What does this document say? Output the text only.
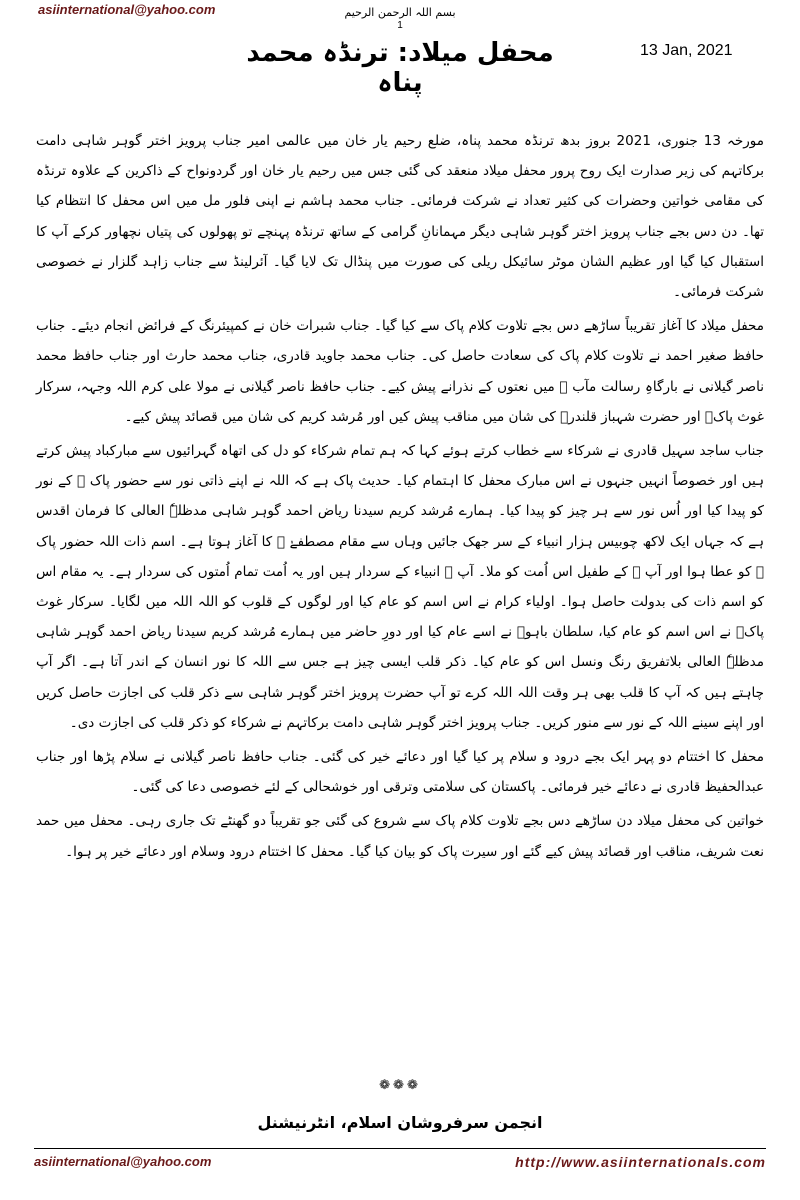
asiinternational@yahoo.com	بسم اللہ الرحمن الرحیم
1
13 Jan, 2021
محفل میلاد: ترنڈہ محمد پناہ

مورخہ 13 جنوری، 2021 بروز بدھ ترنڈہ محمد پناہ، ضلع رحیم یار خان میں عالمی امیر جناب پرویز اختر گوہر شاہی دامت برکاتہم کی زیر صدارت ایک روح پرور محفل میلاد منعقد کی گئی جس میں رحیم یار خان اور گردونواح کے ذاکرین کے علاوہ ترنڈہ کی مقامی خواتین وحضرات کی کثیر تعداد نے شرکت فرمائی۔ جناب محمد ہاشم نے اپنی فلور مل میں اس محفل کا انتظام کیا تھا۔ دن دس بجے جناب پرویز اختر گوہر شاہی دیگر مہمانانِ گرامی کے ساتھ ترنڈہ پہنچے تو پھولوں کی پتیاں نچھاور کرکے آپ کا استقبال کیا گیا اور عظیم الشان موٹر سائیکل ریلی کی صورت میں پنڈال تک لایا گیا۔ آئرلینڈ سے جناب زاہد گلزار نے خصوصی شرکت فرمائی۔

محفل میلاد کا آغاز تقریباً ساڑھے دس بجے تلاوت کلام پاک سے کیا گیا۔ جناب شبرات خان نے کمپیئرنگ کے فرائض انجام دیئے۔ جناب حافظ صغیر احمد نے تلاوت کلام پاک کی سعادت حاصل کی۔ جناب محمد جاوید قادری، جناب محمد حارث اور جناب حافظ محمد ناصر گیلانی نے بارگاہِ رسالت مآب ﷺ میں نعتوں کے نذرانے پیش کیے۔ جناب حافظ ناصر گیلانی نے مولا علی کرم اللہ وجہہ، سرکار غوث پاکؓ اور حضرت شہباز قلندرؒ کی شان میں مناقب پیش کیں اور مُرشد کریم کی شان میں قصائد پیش کیے۔

جناب ساجد سہیل قادری نے شرکاء سے خطاب کرتے ہوئے کہا کہ ہم تمام شرکاء کو دل کی اتھاہ گہرائیوں سے مبارکباد پیش کرتے ہیں اور خصوصاً انہیں جنہوں نے اس مبارک محفل کا اہتمام کیا۔ حدیث پاک ہے کہ اللہ نے اپنے ذاتی نور سے حضور پاک ﷺ کے نور کو پیدا کیا اور اُس نور سے ہر چیز کو پیدا کیا۔ ہمارے مُرشد کریم سیدنا ریاض احمد گوہر شاہی مدظلہٗ العالی کا فرمان اقدس ہے کہ جہاں ایک لاکھ چوبیس ہزار انبیاء کے سر جھک جائیں وہاں سے مقام مصطفےٰ ﷺ کا آغاز ہوتا ہے۔ اسم ذات اللہ حضور پاک ﷺ کو عطا ہوا اور آپ ﷺ کے طفیل اس اُمت کو ملا۔ آپ ﷺ انبیاء کے سردار ہیں اور یہ اُمت تمام اُمتوں کی سردار ہے۔ یہ مقام اس کو اسم ذات کی بدولت حاصل ہوا۔ اولیاء کرام نے اس اسم کو عام کیا اور لوگوں کے قلوب کو اللہ اللہ میں لگایا۔ سرکار غوث پاکؓ نے اس اسم کو عام کیا، سلطان باہوؒ نے اسے عام کیا اور دورِ حاضر میں ہمارے مُرشد کریم سیدنا ریاض احمد گوہر شاہی مدظلہٗ العالی بلاتفریق رنگ ونسل اس کو عام کیا۔ ذکر قلب ایسی چیز ہے جس سے اللہ کا نور انسان کے اندر آتا ہے۔ اگر آپ چاہتے ہیں کہ آپ کا قلب بھی ہر وقت اللہ اللہ کرے تو آپ حضرت پرویز اختر گوہر شاہی سے ذکر قلب کی اجازت حاصل کریں اور اپنے سینے اللہ کے نور سے منور کریں۔ جناب پرویز اختر گوہر شاہی دامت برکاتہم نے شرکاء کو ذکر قلب کی اجازت دی۔

محفل کا اختتام دو پہر ایک بجے درود و سلام پر کیا گیا اور دعائے خیر کی گئی۔ جناب حافظ ناصر گیلانی نے سلام پڑھا اور جناب عبدالحفیظ قادری نے دعائے خیر فرمائی۔ پاکستان کی سلامتی وترقی اور خوشحالی کے لئے خصوصی دعا کی گئی۔

خواتین کی محفل میلاد دن ساڑھے دس بجے تلاوت کلام پاک سے شروع کی گئی جو تقریباً دو گھنٹے تک جاری رہی۔ محفل میں حمد نعت شریف، مناقب اور قصائد پیش کیے گئے اور سیرت پاک کو بیان کیا گیا۔ محفل کا اختتام درود وسلام اور دعائے خیر پر ہوا۔

❁❁❁
انجمن سرفروشان اسلام، انٹرنیشنل
asiinternational@yahoo.com	http://www.asiinternationals.com
